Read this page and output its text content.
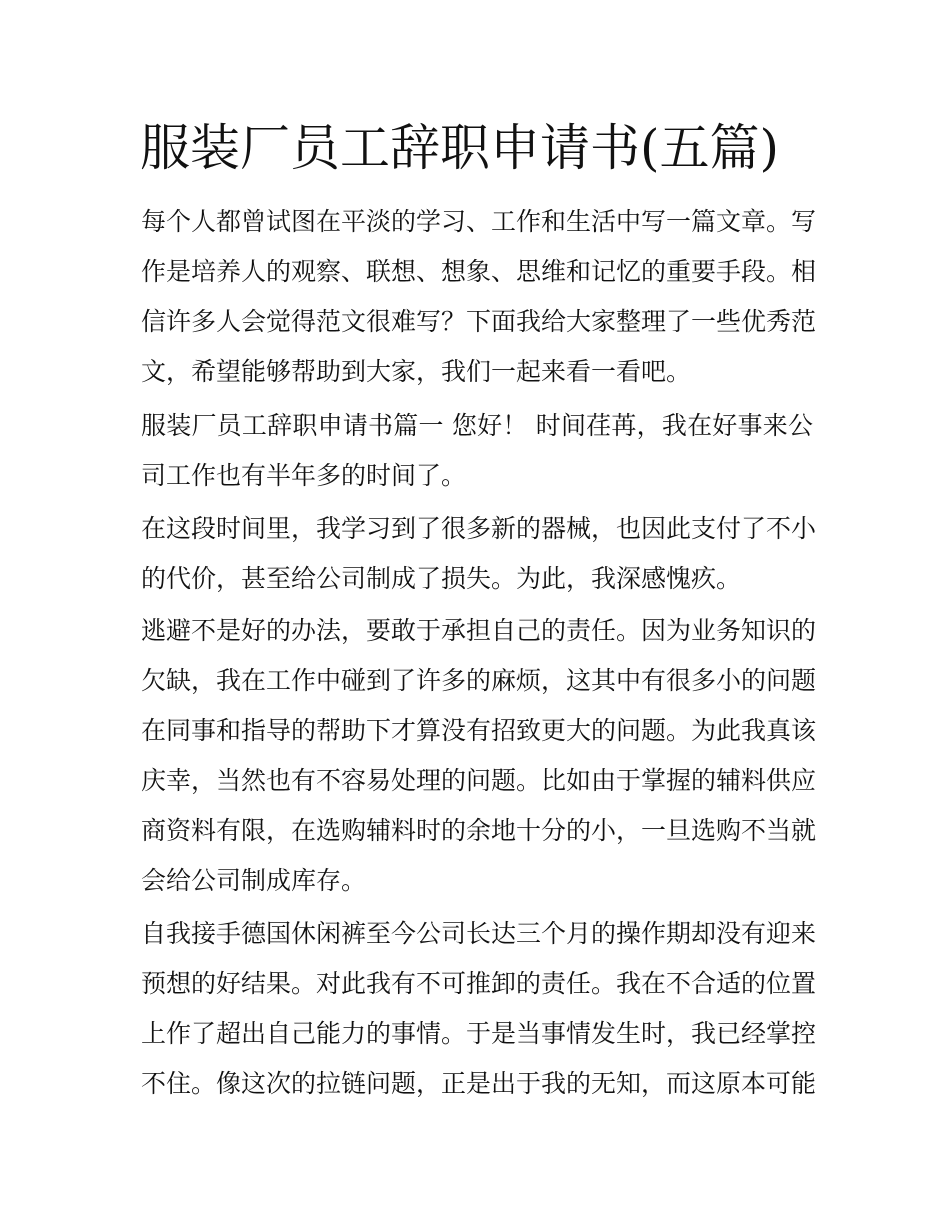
服装厂员工辞职申请书(五篇)

每个人都曾试图在平淡的学习、工作和生活中写一篇文章。写

作是培养人的观察、联想、想象、思维和记忆的重要手段。相

信许多人会觉得范文很难写？下面我给大家整理了一些优秀范

文，希望能够帮助到大家，我们一起来看一看吧。

服装厂员工辞职申请书篇一 您好！ 时间荏苒，我在好事来公

司工作也有半年多的时间了。

在这段时间里，我学习到了很多新的器械，也因此支付了不小

的代价，甚至给公司制成了损失。为此，我深感愧疚。

逃避不是好的办法，要敢于承担自己的责任。因为业务知识的

欠缺，我在工作中碰到了许多的麻烦，这其中有很多小的问题

在同事和指导的帮助下才算没有招致更大的问题。为此我真该

庆幸，当然也有不容易处理的问题。比如由于掌握的辅料供应

商资料有限，在选购辅料时的余地十分的小，一旦选购不当就

会给公司制成库存。

自我接手德国休闲裤至今公司长达三个月的操作期却没有迎来

预想的好结果。对此我有不可推卸的责任。我在不合适的位置

上作了超出自己能力的事情。于是当事情发生时，我已经掌控

不住。像这次的拉链问题，正是出于我的无知，而这原本可能
